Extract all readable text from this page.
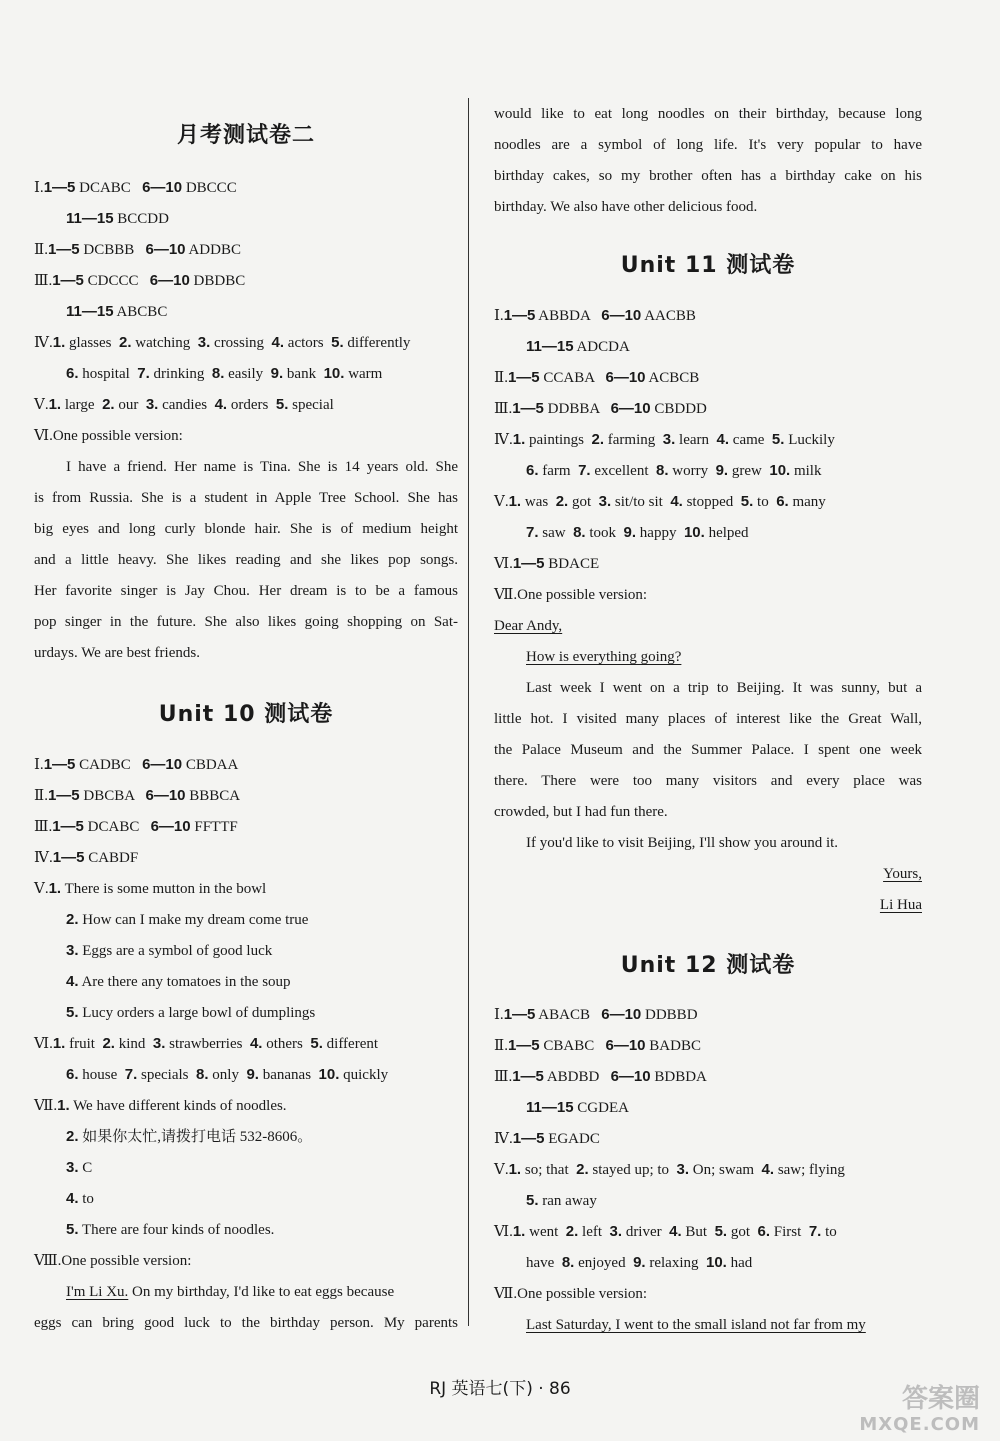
月考测试卷二
Ⅰ.1—5 DCABC   6—10 DBCCC
11—15 BCCDD
Ⅱ.1—5 DCBBB   6—10 ADDBC
Ⅲ.1—5 CDCCC   6—10 DBDBC
11—15 ABCBC
Ⅳ.1. glasses  2. watching  3. crossing  4. actors  5. differently
6. hospital  7. drinking  8. easily  9. bank  10. warm
Ⅴ.1. large  2. our  3. candies  4. orders  5. special
Ⅵ.One possible version:
I have a friend. Her name is Tina. She is 14 years old. She
is from Russia. She is a student in Apple Tree School. She has
big eyes and long curly blonde hair. She is of medium height
and a little heavy. She likes reading and she likes pop songs.
Her favorite singer is Jay Chou. Her dream is to be a famous
pop singer in the future. She also likes going shopping on Sat-
urdays. We are best friends.
Unit 10 测试卷
Ⅰ.1—5 CADBC   6—10 CBDAA
Ⅱ.1—5 DBCBA   6—10 BBBCA
Ⅲ.1—5 DCABC   6—10 FFTTF
Ⅳ.1—5 CABDF
Ⅴ.1. There is some mutton in the bowl
2. How can I make my dream come true
3. Eggs are a symbol of good luck
4. Are there any tomatoes in the soup
5. Lucy orders a large bowl of dumplings
Ⅵ.1. fruit  2. kind  3. strawberries  4. others  5. different
6. house  7. specials  8. only  9. bananas  10. quickly
Ⅶ.1. We have different kinds of noodles.
2. 如果你太忙,请拨打电话 532-8606。
3. C
4. to
5. There are four kinds of noodles.
Ⅷ.One possible version:
I'm Li Xu. On my birthday, I'd like to eat eggs because
eggs can bring good luck to the birthday person. My parents
would like to eat long noodles on their birthday, because long
noodles are a symbol of long life. It's very popular to have
birthday cakes, so my brother often has a birthday cake on his
birthday. We also have other delicious food.
Unit 11 测试卷
Ⅰ.1—5 ABBDA   6—10 AACBB
11—15 ADCDA
Ⅱ.1—5 CCABA   6—10 ACBCB
Ⅲ.1—5 DDBBA   6—10 CBDDD
Ⅳ.1. paintings  2. farming  3. learn  4. came  5. Luckily
6. farm  7. excellent  8. worry  9. grew  10. milk
Ⅴ.1. was  2. got  3. sit/to sit  4. stopped  5. to  6. many
7. saw  8. took  9. happy  10. helped
Ⅵ.1—5 BDACE
Ⅶ.One possible version:
Dear Andy,
How is everything going?
Last week I went on a trip to Beijing. It was sunny, but a
little hot. I visited many places of interest like the Great Wall,
the Palace Museum and the Summer Palace. I spent one week
there. There were too many visitors and every place was
crowded, but I had fun there.
If you'd like to visit Beijing, I'll show you around it.
Yours,
Li Hua
Unit 12 测试卷
Ⅰ.1—5 ABACB   6—10 DDBBD
Ⅱ.1—5 CBABC   6—10 BADBC
Ⅲ.1—5 ABDBD   6—10 BDBDA
11—15 CGDEA
Ⅳ.1—5 EGADC
Ⅴ.1. so; that  2. stayed up; to  3. On; swam  4. saw; flying
5. ran away
Ⅵ.1. went  2. left  3. driver  4. But  5. got  6. First  7. to
have  8. enjoyed  9. relaxing  10. had
Ⅶ.One possible version:
Last Saturday, I went to the small island not far from my
RJ 英语七(下) · 86	答案圈
MXQE.COM
